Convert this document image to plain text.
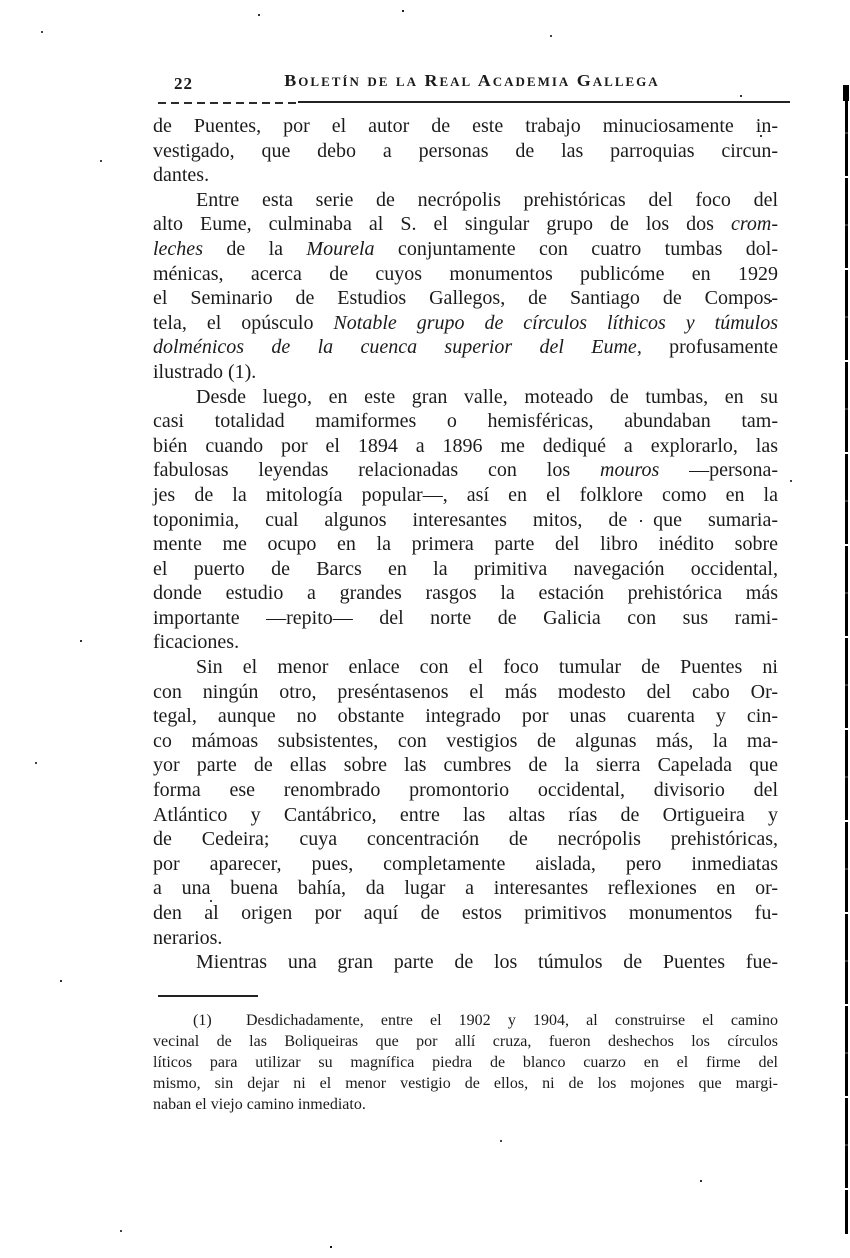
22	Boletín de la Real Academia Gallega
de Puentes, por el autor de este trabajo minuciosamente in-
vestigado, que debo a personas de las parroquias circun-
dantes.
Entre esta serie de necrópolis prehistóricas del foco del
alto Eume, culminaba al S. el singular grupo de los dos crom-
leches de la Mourela conjuntamente con cuatro tumbas dol-
ménicas, acerca de cuyos monumentos publicóme en 1929
el Seminario de Estudios Gallegos, de Santiago de Compos-
tela, el opúsculo Notable grupo de círculos líthicos y túmulos
dolménicos de la cuenca superior del Eume, profusamente
ilustrado (1).
Desde luego, en este gran valle, moteado de tumbas, en su
casi totalidad mamiformes o hemisféricas, abundaban tam-
bién cuando por el 1894 a 1896 me dediqué a explorarlo, las
fabulosas leyendas relacionadas con los mouros —persona-
jes de la mitología popular—, así en el folklore como en la
toponimia, cual algunos interesantes mitos, de que sumaria-
mente me ocupo en la primera parte del libro inédito sobre
el puerto de Barcs en la primitiva navegación occidental,
donde estudio a grandes rasgos la estación prehistórica más
importante —repito— del norte de Galicia con sus rami-
ficaciones.
Sin el menor enlace con el foco tumular de Puentes ni
con ningún otro, preséntasenos el más modesto del cabo Or-
tegal, aunque no obstante integrado por unas cuarenta y cin-
co mámoas subsistentes, con vestigios de algunas más, la ma-
yor parte de ellas sobre las cumbres de la sierra Capelada que
forma ese renombrado promontorio occidental, divisorio del
Atlántico y Cantábrico, entre las altas rías de Ortigueira y
de Cedeira; cuya concentración de necrópolis prehistóricas,
por aparecer, pues, completamente aislada, pero inmediatas
a una buena bahía, da lugar a interesantes reflexiones en or-
den al origen por aquí de estos primitivos monumentos fu-
nerarios.
Mientras una gran parte de los túmulos de Puentes fue-
(1)  Desdichadamente, entre el 1902 y 1904, al construirse el camino
vecinal de las Boliqueiras que por allí cruza, fueron deshechos los círculos
líticos para utilizar su magnífica piedra de blanco cuarzo en el firme del
mismo, sin dejar ni el menor vestigio de ellos, ni de los mojones que margi-
naban el viejo camino inmediato.
